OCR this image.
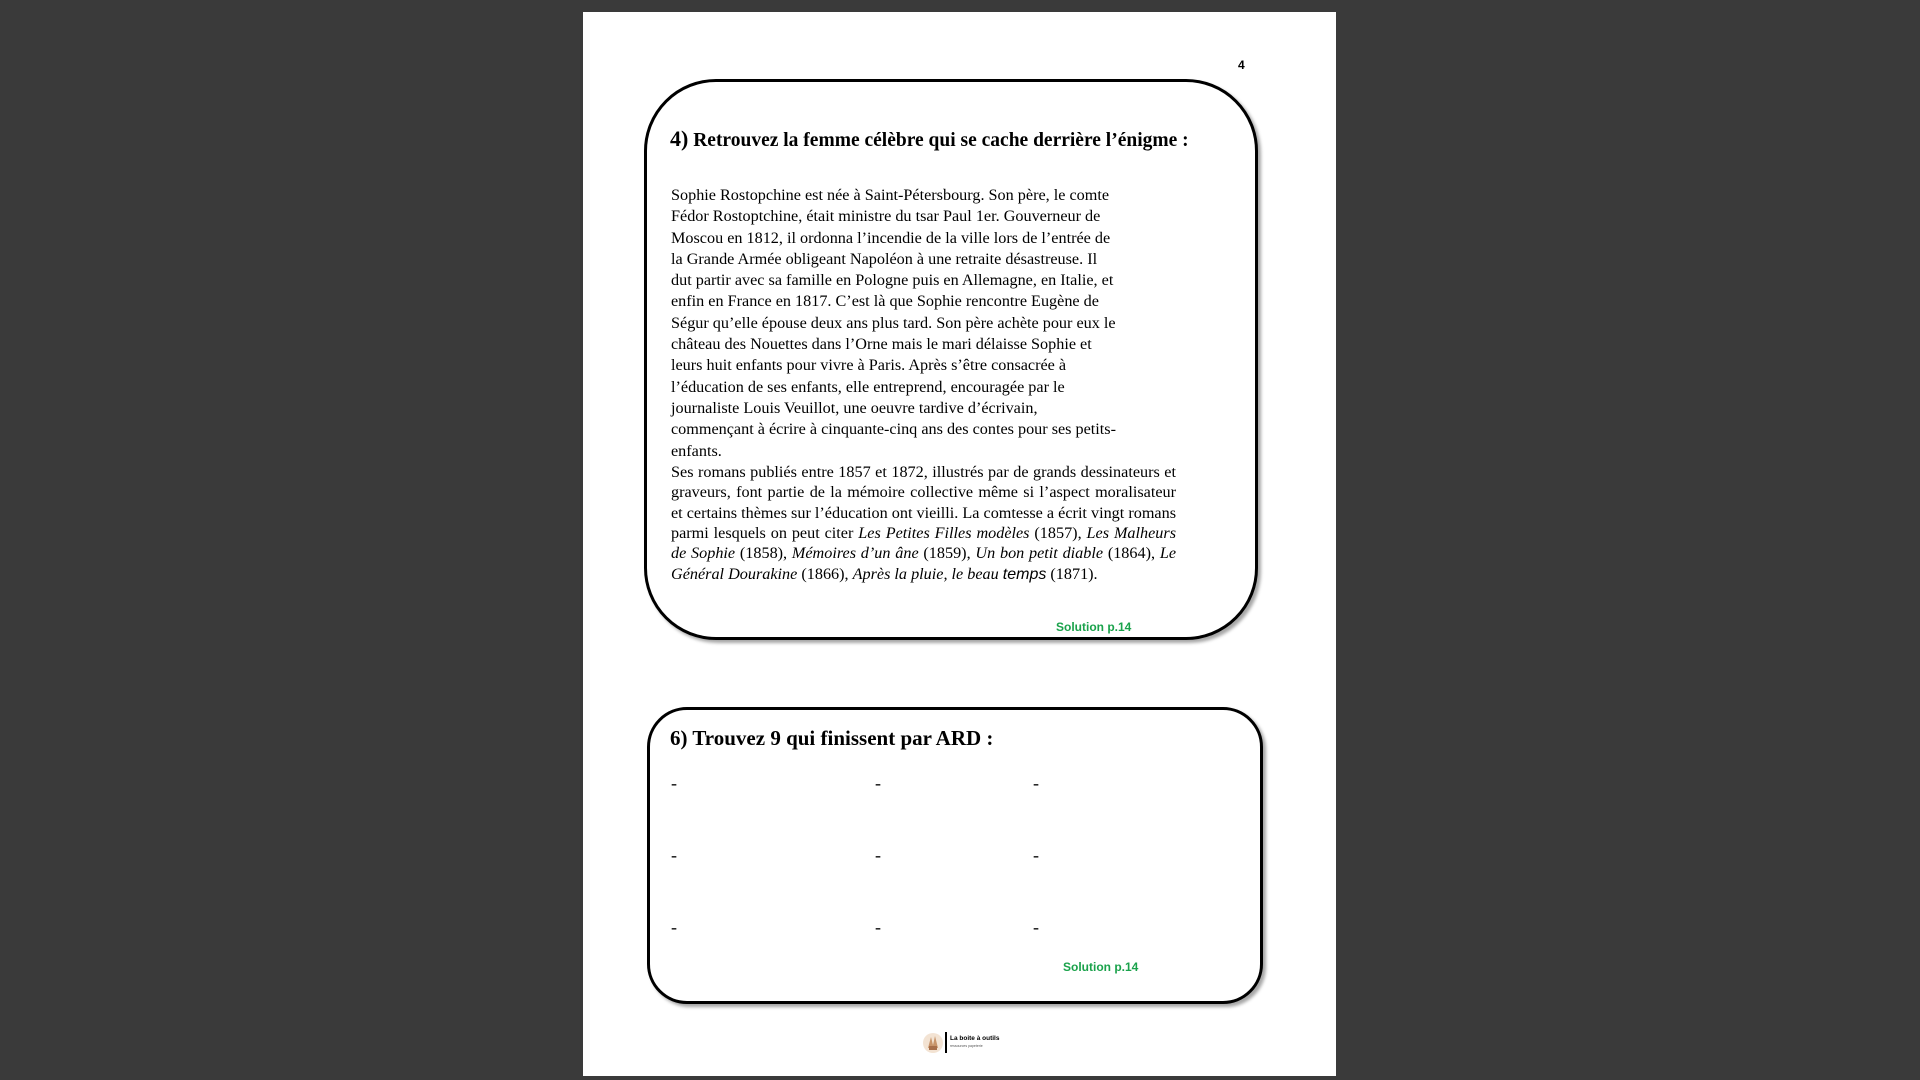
4
4) Retrouvez la femme célèbre qui se cache derrière l’énigme :

Sophie Rostopchine est née à Saint-Pétersbourg. Son père, le comte
Fédor Rostoptchine, était ministre du tsar Paul 1er. Gouverneur de
Moscou en 1812, il ordonna l’incendie de la ville lors de l’entrée de
la Grande Armée obligeant Napoléon à une retraite désastreuse. Il
dut partir avec sa famille en Pologne puis en Allemagne, en Italie, et
enfin en France en 1817. C’est là que Sophie rencontre Eugène de
Ségur qu’elle épouse deux ans plus tard. Son père achète pour eux le
château des Nouettes dans l’Orne mais le mari délaisse Sophie et
leurs huit enfants pour vivre à Paris. Après s’être consacrée à
l’éducation de ses enfants, elle entreprend, encouragée par le
journaliste Louis Veuillot, une oeuvre tardive d’écrivain,
commençant à écrire à cinquante-cinq ans des contes pour ses petits-
enfants.

Ses romans publiés entre 1857 et 1872, illustrés par de grands dessinateurs et graveurs, font partie de la mémoire collective même si l’aspect moralisateur et certains thèmes sur l’éducation ont vieilli. La comtesse a écrit vingt romans parmi lesquels on peut citer Les Petites Filles modèles (1857), Les Malheurs de Sophie (1858), Mémoires d’un âne (1859), Un bon petit diable (1864), Le Général Dourakine (1866), Après la pluie, le beau temps (1871).

Solution p.14
6) Trouvez 9 qui finissent par ARD :
-	-	-
-	-	-
-	-	-
Solution p.14
La boite à outils
ressources papeterie
